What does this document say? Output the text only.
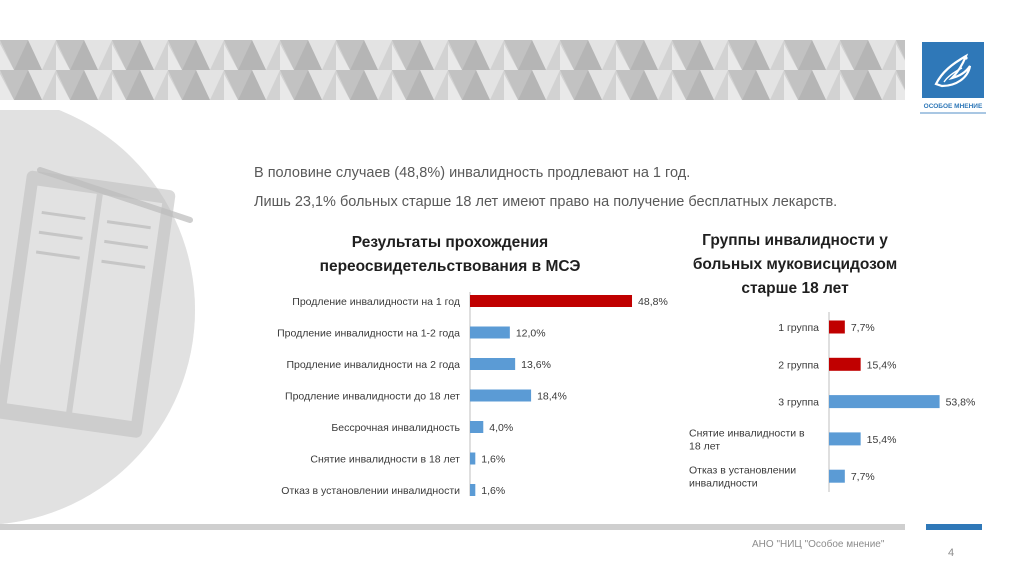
ОСОБОЕ МНЕНИЕ
В половине случаев (48,8%) инвалидность продлевают на 1 год.
Лишь 23,1% больных старше 18 лет имеют право на получение бесплатных лекарств.
Результаты прохождения
переосвидетельствования в МСЭ
Группы инвалидности у
больных муковисцидозом
старше 18 лет
48,8%
Продление инвалидности на 1 год
12,0%
Продление инвалидности на 1-2 года
13,6%
Продление инвалидности на 2 года
18,4%
Продление инвалидности до 18 лет
4,0%
Бессрочная инвалидность
1,6%
Снятие инвалидности в 18 лет
1,6%
Отказ в установлении инвалидности
7,7%
1 группа
15,4%
2 группа
53,8%
3 группа
15,4%
Снятие инвалидности в
18 лет
7,7%
Отказ в установлении
инвалидности
АНО "НИЦ "Особое мнение"
4
